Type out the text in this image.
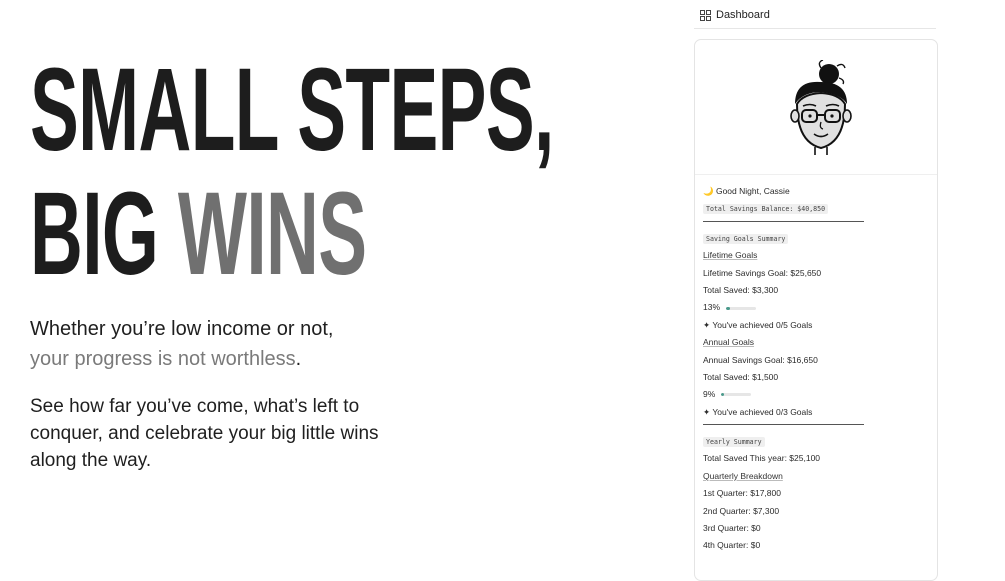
SMALL STEPS,
BIG WINS
Whether you’re low income or not,
your progress is not worthless.
See how far you’ve come, what’s left to conquer, and celebrate your big little wins along the way.
Dashboard
🌙 Good Night, Cassie
Total Savings Balance: $40,850
Saving Goals Summary
Lifetime Goals
Lifetime Savings Goal: $25,650
Total Saved: $3,300
13%
✦ You've achieved 0/5 Goals
Annual Goals
Annual Savings Goal: $16,650
Total Saved: $1,500
9%
✦ You've achieved 0/3 Goals
Yearly Summary
Total Saved This year: $25,100
Quarterly Breakdown
1st Quarter: $17,800
2nd Quarter: $7,300
3rd Quarter: $0
4th Quarter: $0
